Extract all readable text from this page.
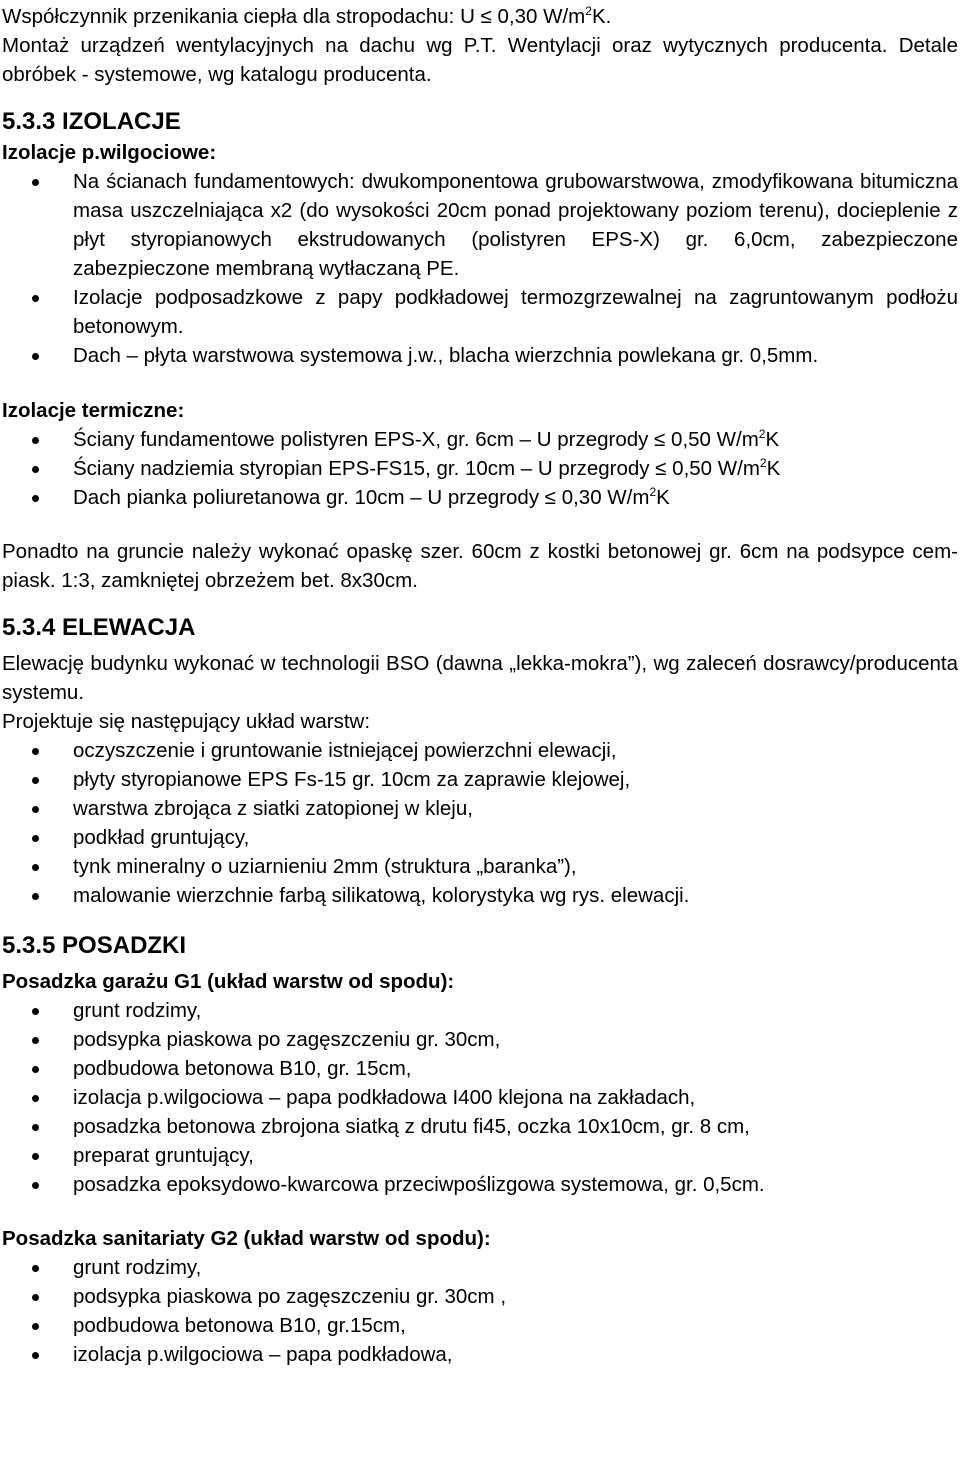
Współczynnik przenikania ciepła dla stropodachu: U ≤ 0,30 $W/m^2K$.

Montaż urządzeń wentylacyjnych na dachu wg P.T. Wentylacji oraz wytycznych producenta. Detale obróbek - systemowe, wg katalogu producenta.

5.3.3 IZOLACJE

Izolacje p.wilgociowe:

Na ścianach fundamentowych: dwukomponentowa grubowarstwowa, zmodyfikowana bitumiczna masa uszczelniająca x2 (do wysokości 20cm ponad projektowany poziom terenu), docieplenie z płyt styropianowych ekstrudowanych (polistyren EPS-X) gr. 6,0cm, zabezpieczone zabezpieczone membraną wytłaczaną PE.
Izolacje podposadzkowe z papy podkładowej termozgrzewalnej na zagruntowanym podłożu betonowym.
Dach – płyta warstwowa systemowa j.w., blacha wierzchnia powlekana gr. 0,5mm.

Izolacje termiczne:

Ściany fundamentowe polistyren EPS-X, gr. 6cm – U przegrody ≤ 0,50 $W/m^2K$
Ściany nadziemia styropian EPS-FS15, gr. 10cm – U przegrody ≤ 0,50 $W/m^2K$
Dach pianka poliuretanowa gr. 10cm – U przegrody ≤ 0,30 $W/m^2K$

Ponadto na gruncie należy wykonać opaskę szer. 60cm z kostki betonowej gr. 6cm na podsypce cem-piask. 1:3, zamkniętej obrzeżem bet. 8x30cm.

5.3.4 ELEWACJA

Elewację budynku wykonać w technologii BSO (dawna „lekka-mokra”), wg zaleceń dosrawcy/producenta systemu.

Projektuje się następujący układ warstw:

oczyszczenie i gruntowanie istniejącej powierzchni elewacji,
płyty styropianowe EPS Fs-15 gr. 10cm za zaprawie klejowej,
warstwa zbrojąca z siatki zatopionej w kleju,
podkład gruntujący,
tynk mineralny o uziarnieniu 2mm (struktura „baranka”),
malowanie wierzchnie farbą silikatową, kolorystyka wg rys. elewacji.

5.3.5 POSADZKI

Posadzka garażu G1 (układ warstw od spodu):

grunt rodzimy,
podsypka piaskowa po zagęszczeniu gr. 30cm,
podbudowa betonowa B10, gr. 15cm,
izolacja p.wilgociowa – papa podkładowa I400 klejona na zakładach,
posadzka betonowa zbrojona siatką z drutu fi45, oczka 10x10cm, gr. 8 cm,
preparat gruntujący,
posadzka epoksydowo-kwarcowa przeciwpoślizgowa systemowa, gr. 0,5cm.

Posadzka sanitariaty G2 (układ warstw od spodu):

grunt rodzimy,
podsypka piaskowa po zagęszczeniu gr. 30cm ,
podbudowa betonowa B10, gr.15cm,
izolacja p.wilgociowa – papa podkładowa,
